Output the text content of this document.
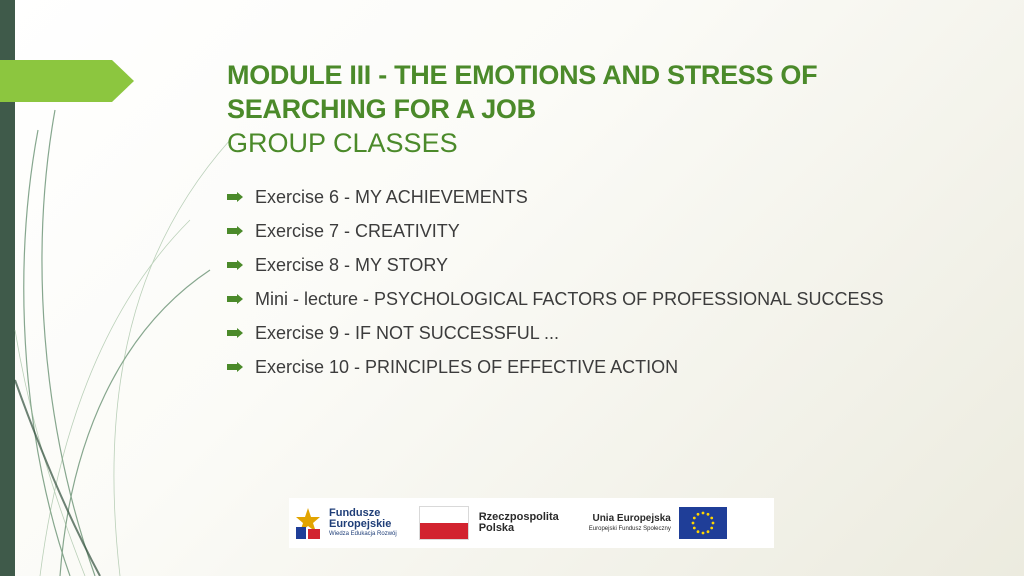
MODULE III - THE EMOTIONS AND STRESS OF
SEARCHING FOR A JOB

GROUP CLASSES

Exercise 6 - MY ACHIEVEMENTS
Exercise 7 - CREATIVITY
Exercise 8 - MY STORY
Mini - lecture - PSYCHOLOGICAL FACTORS OF PROFESSIONAL SUCCESS
Exercise 9 - IF NOT SUCCESSFUL ...
Exercise 10 - PRINCIPLES OF EFFECTIVE ACTION
Fundusze
Europejskie
Wiedza Edukacja Rozwój
Rzeczpospolita
Polska
Unia Europejska
Europejski Fundusz Społeczny
